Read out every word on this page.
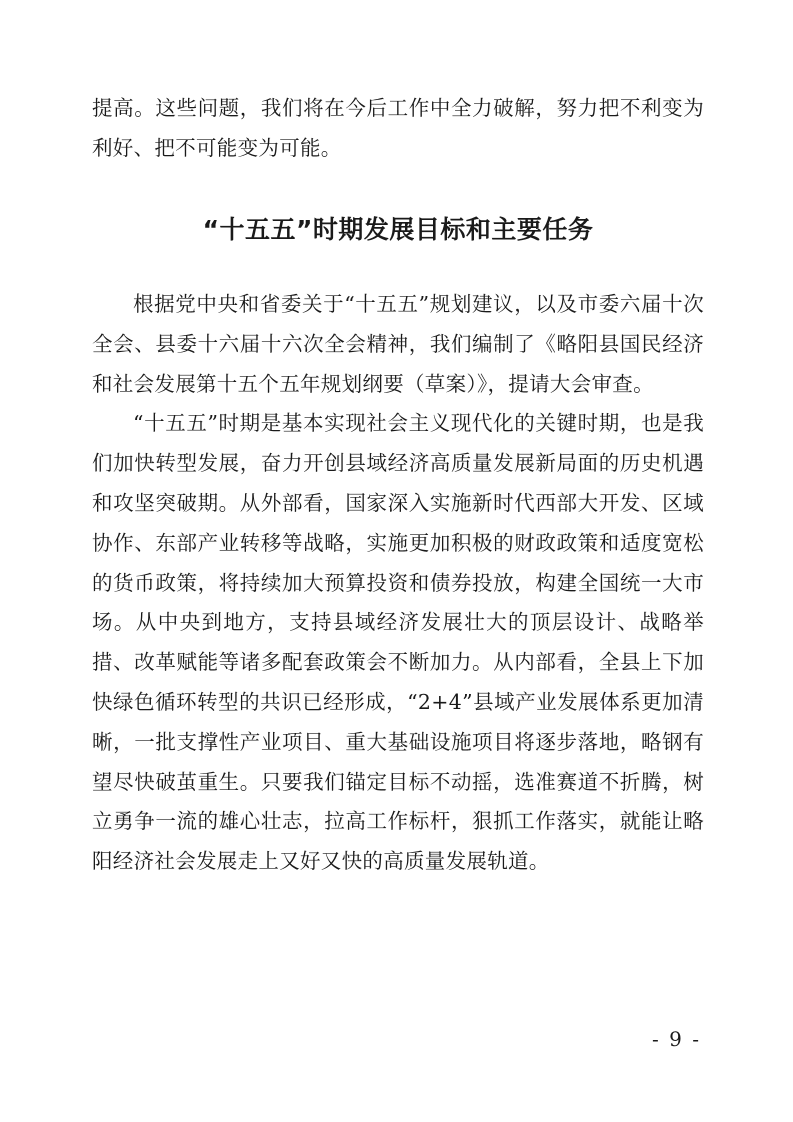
提高。这些问题，我们将在今后工作中全力破解，努力把不利变为利好、把不可能变为可能。
“十五五”时期发展目标和主要任务

根据党中央和省委关于“十五五”规划建议，以及市委六届十次全会、县委十六届十六次全会精神，我们编制了《略阳县国民经济和社会发展第十五个五年规划纲要（草案）》，提请大会审查。

“十五五”时期是基本实现社会主义现代化的关键时期，也是我们加快转型发展，奋力开创县域经济高质量发展新局面的历史机遇和攻坚突破期。从外部看，国家深入实施新时代西部大开发、区域协作、东部产业转移等战略，实施更加积极的财政政策和适度宽松的货币政策，将持续加大预算投资和债券投放，构建全国统一大市场。从中央到地方，支持县域经济发展壮大的顶层设计、战略举措、改革赋能等诸多配套政策会不断加力。从内部看，全县上下加快绿色循环转型的共识已经形成，“2+4”县域产业发展体系更加清晰，一批支撑性产业项目、重大基础设施项目将逐步落地，略钢有望尽快破茧重生。只要我们锚定目标不动摇，选准赛道不折腾，树立勇争一流的雄心壮志，拉高工作标杆，狠抓工作落实，就能让略阳经济社会发展走上又好又快的高质量发展轨道。

- 9 -
